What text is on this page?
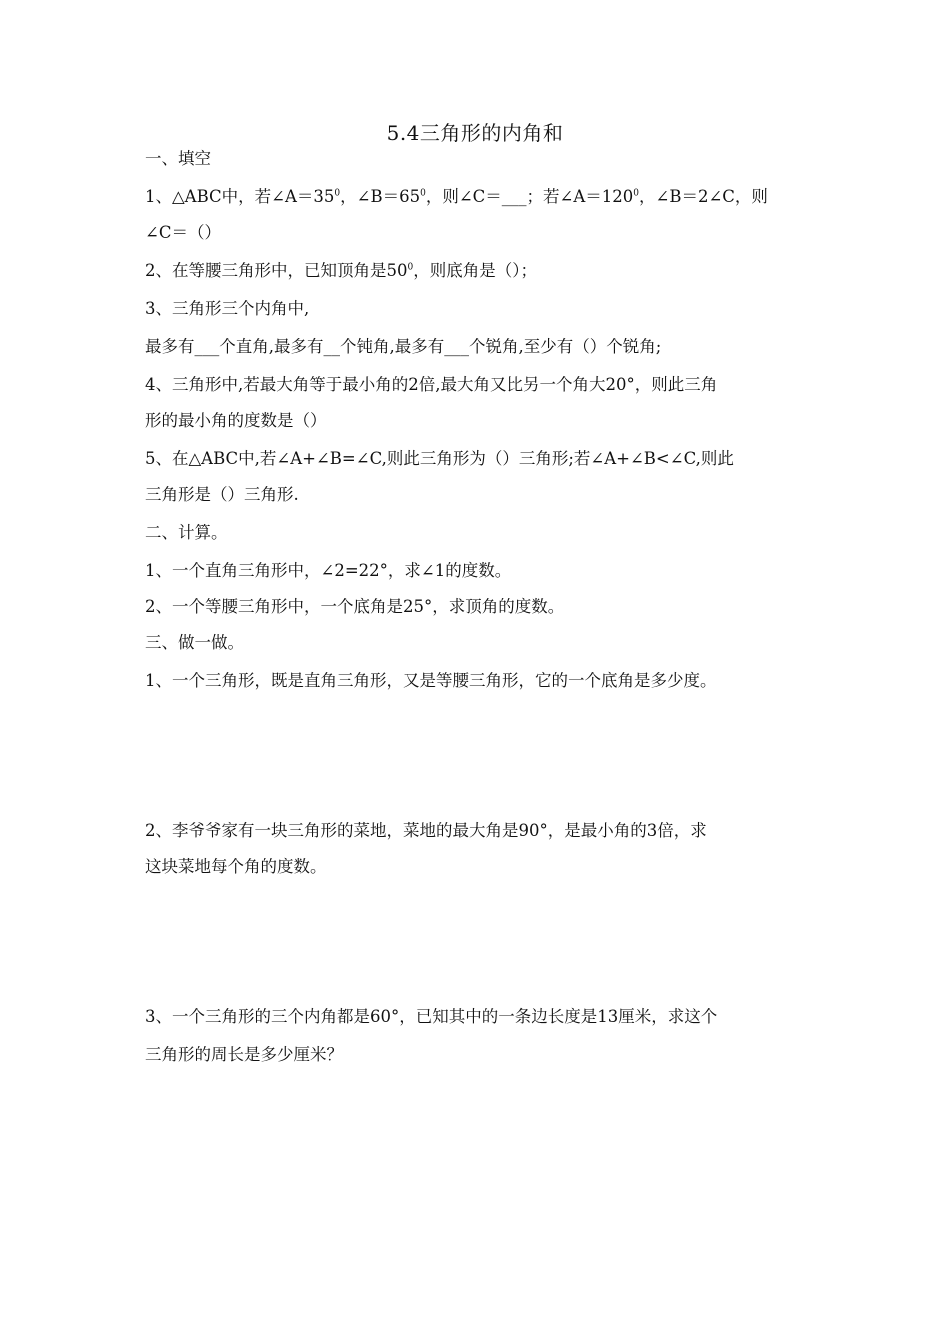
5.4三角形的内角和
一、填空
1、△ABC中，若$\angle A=35^0$，$\angle B=65^0$，则∠C＝___；若$\angle A=120^0$，∠B＝2∠C，则
∠C＝（）
2、在等腰三角形中，已知顶角是$50^0$，则底角是（）；
3、三角形三个内角中,
最多有___个直角,最多有__个钝角,最多有___个锐角,至少有（）个锐角;
4、三角形中,若最大角等于最小角的2倍,最大角又比另一个角大20°，则此三角
形的最小角的度数是（）
5、在△ABC中,若∠A+∠B=∠C,则此三角形为（）三角形;若∠A+∠B<∠C,则此
三角形是（）三角形.
二、计算。
1、一个直角三角形中，∠2=22°，求∠1的度数。
2、一个等腰三角形中，一个底角是25°，求顶角的度数。
三、做一做。
1、一个三角形，既是直角三角形，又是等腰三角形，它的一个底角是多少度。
2、李爷爷家有一块三角形的菜地，菜地的最大角是90°，是最小角的3倍，求
这块菜地每个角的度数。
3、一个三角形的三个内角都是60°，已知其中的一条边长度是13厘米，求这个
三角形的周长是多少厘米？
